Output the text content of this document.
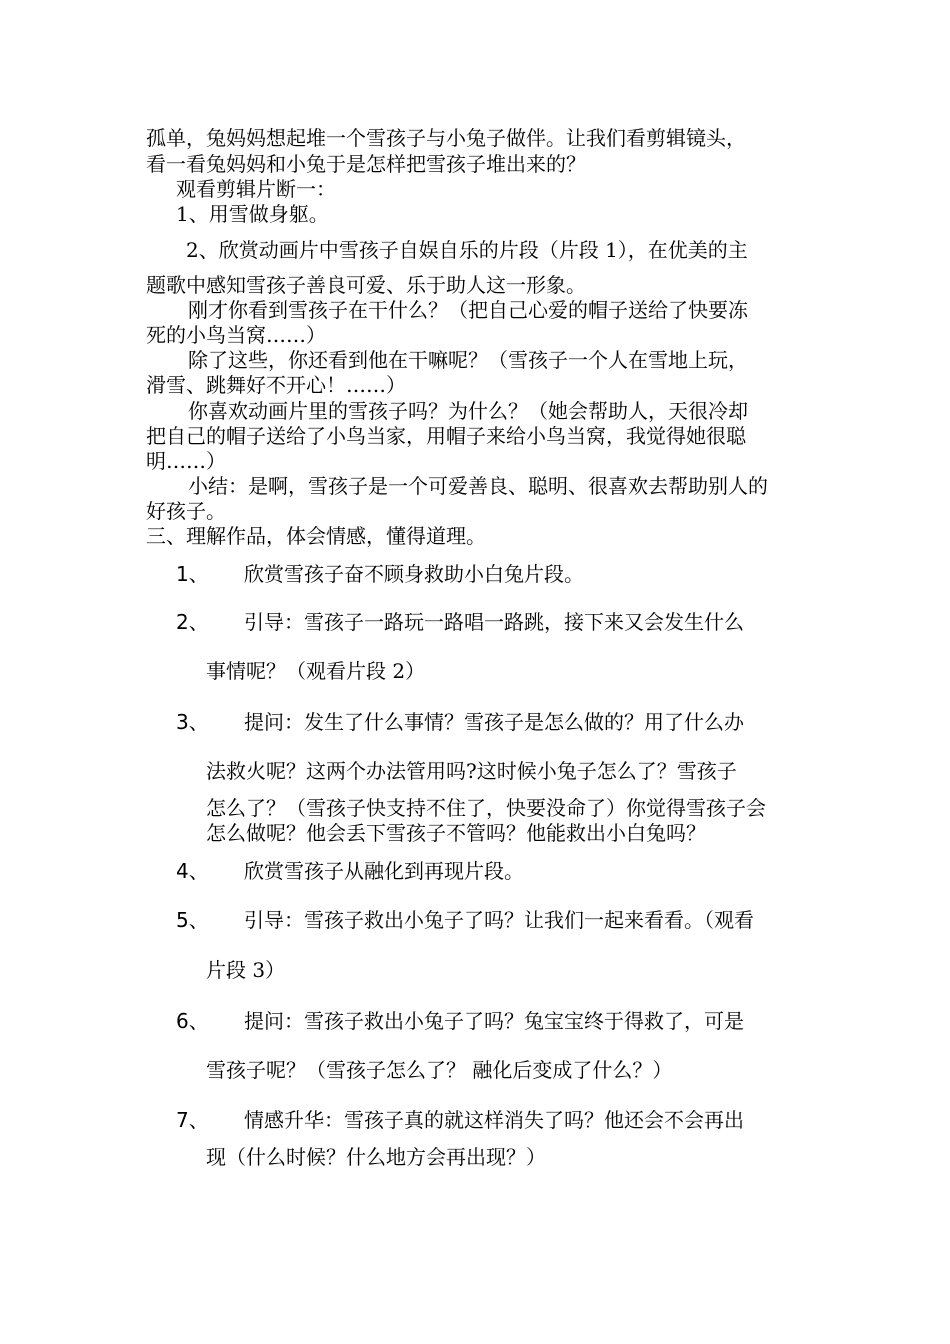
孤单，兔妈妈想起堆一个雪孩子与小兔子做伴。让我们看剪辑镜头，

看一看兔妈妈和小兔于是怎样把雪孩子堆出来的？

观看剪辑片断一：

1、用雪做身躯。

2、欣赏动画片中雪孩子自娱自乐的片段（片段 1），在优美的主

题歌中感知雪孩子善良可爱、乐于助人这一形象。

刚才你看到雪孩子在干什么？（把自己心爱的帽子送给了快要冻

死的小鸟当窝……）

除了这些，你还看到他在干嘛呢？（雪孩子一个人在雪地上玩，

滑雪、跳舞好不开心！……）

你喜欢动画片里的雪孩子吗？为什么？（她会帮助人，天很冷却

把自己的帽子送给了小鸟当家，用帽子来给小鸟当窝，我觉得她很聪

明……）

小结：是啊，雪孩子是一个可爱善良、聪明、很喜欢去帮助别人的

好孩子。

三、理解作品，体会情感，懂得道理。

1、 欣赏雪孩子奋不顾身救助小白兔片段。
2、 引导：雪孩子一路玩一路唱一路跳，接下来又会发生什么
事情呢？（观看片段 2）
3、 提问：发生了什么事情？雪孩子是怎么做的？用了什么办
法救火呢？这两个办法管用吗?这时候小兔子怎么了？雪孩子
怎么了？（雪孩子快支持不住了，快要没命了）你觉得雪孩子会
怎么做呢？他会丢下雪孩子不管吗？他能救出小白兔吗？
4、 欣赏雪孩子从融化到再现片段。
5、 引导：雪孩子救出小兔子了吗？让我们一起来看看。（观看
片段 3）
6、 提问：雪孩子救出小兔子了吗？兔宝宝终于得救了，可是
雪孩子呢？（雪孩子怎么了？ 融化后变成了什么？）
7、 情感升华：雪孩子真的就这样消失了吗？他还会不会再出
现（什么时候？什么地方会再出现？）
